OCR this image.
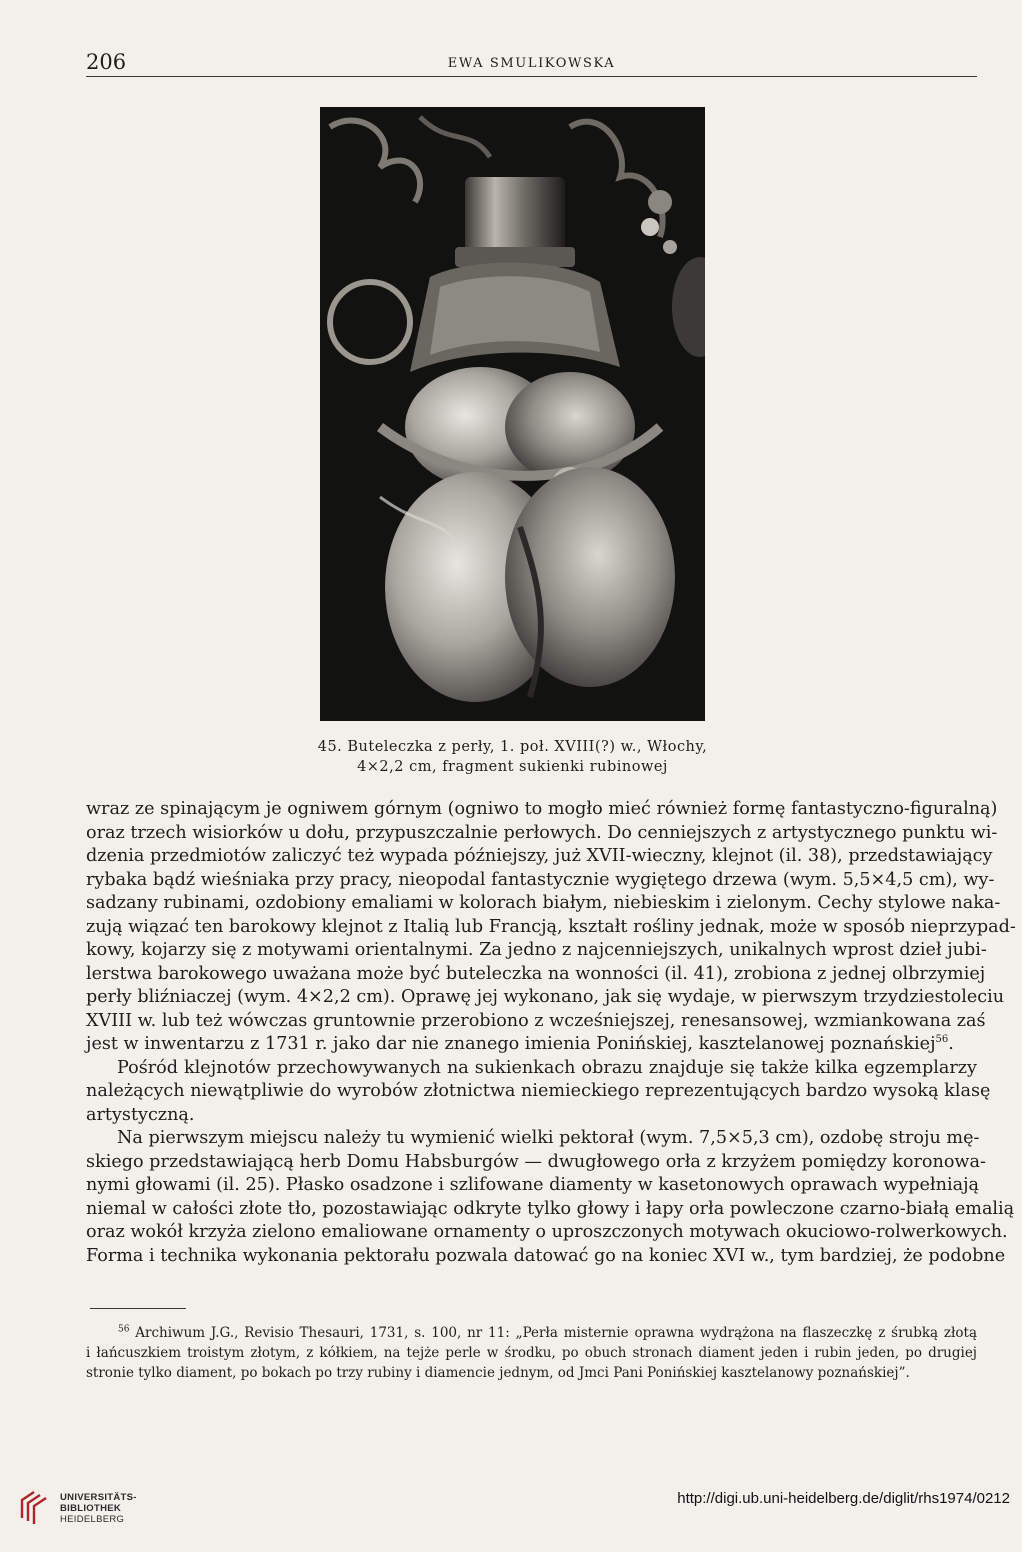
206	EWA SMULIKOWSKA
45. Buteleczka z perły, 1. poł. XVIII(?) w., Włochy,
4×2,2 cm, fragment sukienki rubinowej
wraz ze spinającym je ogniwem górnym (ogniwo to mogło mieć również formę fantastyczno-figuralną)
oraz trzech wisiorków u dołu, przypuszczalnie perłowych. Do cenniejszych z artystycznego punktu wi-
dzenia przedmiotów zaliczyć też wypada późniejszy, już XVII-wieczny, klejnot (il. 38), przedstawiający
rybaka bądź wieśniaka przy pracy, nieopodal fantastycznie wygiętego drzewa (wym. 5,5×4,5 cm), wy-
sadzany rubinami, ozdobiony emaliami w kolorach białym, niebieskim i zielonym. Cechy stylowe naka-
zują wiązać ten barokowy klejnot z Italią lub Francją, kształt rośliny jednak, może w sposób nieprzypad-
kowy, kojarzy się z motywami orientalnymi. Za jedno z najcenniejszych, unikalnych wprost dzieł jubi-
lerstwa barokowego uważana może być buteleczka na wonności (il. 41), zrobiona z jednej olbrzymiej
perły bliźniaczej (wym. 4×2,2 cm). Oprawę jej wykonano, jak się wydaje, w pierwszym trzydziestoleciu
XVIII w. lub też wówczas gruntownie przerobiono z wcześniejszej, renesansowej, wzmiankowana zaś
jest w inwentarzu z 1731 r. jako dar nie znanego imienia Ponińskiej, kasztelanowej poznańskiej$^{56}$.
Pośród klejnotów przechowywanych na sukienkach obrazu znajduje się także kilka egzemplarzy
należących niewątpliwie do wyrobów złotnictwa niemieckiego reprezentujących bardzo wysoką klasę
artystyczną.
Na pierwszym miejscu należy tu wymienić wielki pektorał (wym. 7,5×5,3 cm), ozdobę stroju mę-
skiego przedstawiającą herb Domu Habsburgów — dwugłowego orła z krzyżem pomiędzy koronowa-
nymi głowami (il. 25). Płasko osadzone i szlifowane diamenty w kasetonowych oprawach wypełniają
niemal w całości złote tło, pozostawiając odkryte tylko głowy i łapy orła powleczone czarno-białą emalią
oraz wokół krzyża zielono emaliowane ornamenty o uproszczonych motywach okuciowo-rolwerkowych.
Forma i technika wykonania pektorału pozwala datować go na koniec XVI w., tym bardziej, że podobne
$^{56}$ Archiwum J.G., Revisio Thesauri, 1731, s. 100, nr 11: „Perła misternie oprawna wydrążona na flaszeczkę z śrubką złotą
i łańcuszkiem troistym złotym, z kółkiem, na tejże perle w środku, po obuch stronach diament jeden i rubin jeden, po drugiej
stronie tylko diament, po bokach po trzy rubiny i diamencie jednym, od Jmci Pani Ponińskiej kasztelanowy poznańskiej”.
UNIVERSITÄTS-
BIBLIOTHEK
HEIDELBERG
http://digi.ub.uni-heidelberg.de/diglit/rhs1974/0212
